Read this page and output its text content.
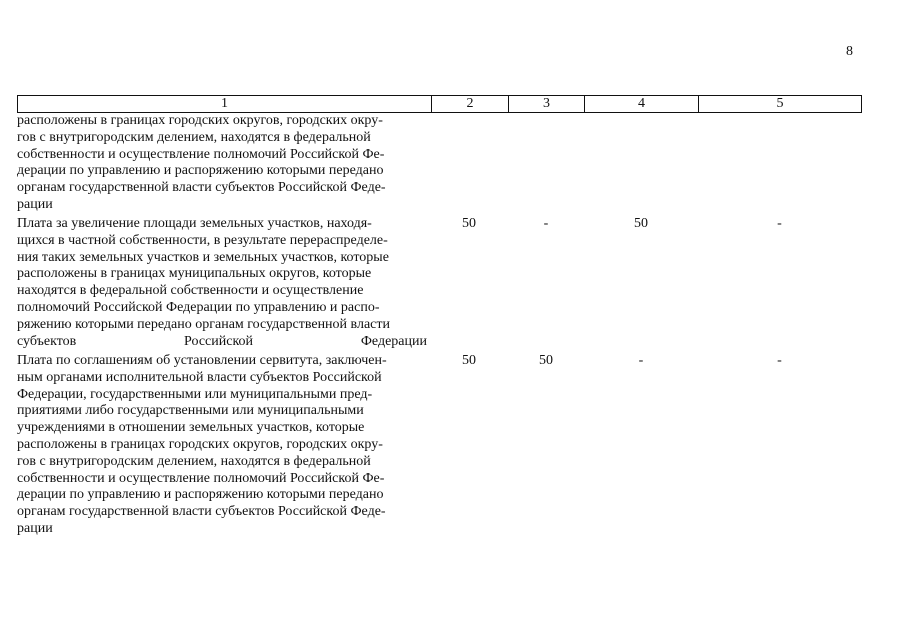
8
1	2	3	4	5
расположены в границах городских округов, городских окру-
гов с внутригородским делением, находятся в федеральной
собственности и осуществление полномочий Российской Фе-
дерации по управлению и распоряжению которыми передано
органам государственной власти субъектов Российской Феде-
рации
Плата за увеличение площади земельных участков, находя-
щихся в частной собственности, в результате перераспределе-
ния таких земельных участков и земельных участков, которые
расположены в границах муниципальных округов, которые
находятся в федеральной собственности и осуществление
полномочий Российской Федерации по управлению и распо-
ряжению которыми передано органам государственной власти
субъектов Российской Федерации
50	-	50	-
Плата по соглашениям об установлении сервитута, заключен-
ным органами исполнительной власти субъектов Российской
Федерации, государственными или муниципальными пред-
приятиями либо государственными или муниципальными
учреждениями в отношении земельных участков, которые
расположены в границах городских округов, городских окру-
гов с внутригородским делением, находятся в федеральной
собственности и осуществление полномочий Российской Фе-
дерации по управлению и распоряжению которыми передано
органам государственной власти субъектов Российской Феде-
рации
50	50	-	-
